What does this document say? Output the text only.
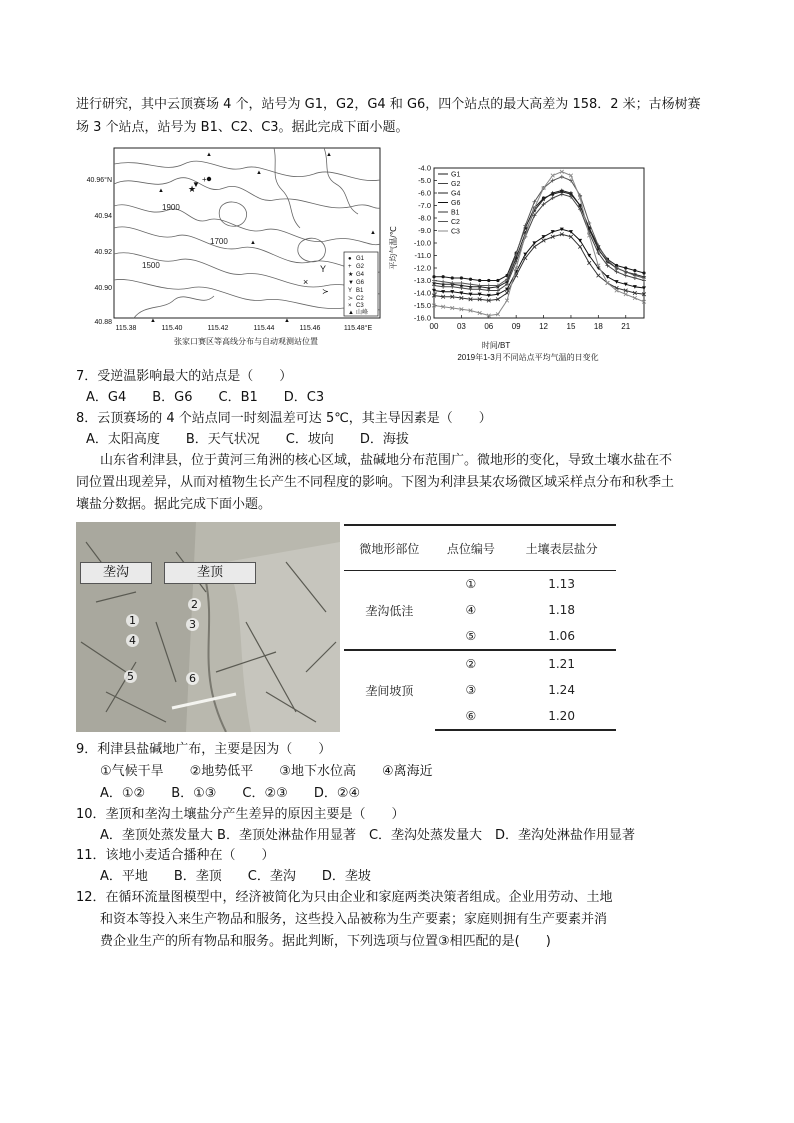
进行研究，其中云顶赛场 4 个，站号为 G1，G2，G4 和 G6，四个站点的最大高差为 158．2 米；古杨树赛
场 3 个站点，站号为 B1、C2、C3。据此完成下面小题。
1900
1700
1500
+
★
▼
Y
≻
×
▲	▲
▲
▲
▲
▲
▲	▲
● G1
+ G2
★ G4
▼ G6
Y B1
≻ C2
× C3
▲ 山峰
40.96°N
40.94
40.92
40.90
40.88
115.38	115.40	115.42	115.44	115.46	115.48°E
张家口赛区等高线分布与自动观测站位置
-4.0
-5.0
-6.0
-7.0
-8.0
-9.0
-10.0
-11.0
-12.0
-13.0
-14.0
-15.0
-16.0
00 03 06 09 12 15 18 21
G1
G2
G4
G6
B1
C2
C3
时间/BT
2019年1-3月不同站点平均气温的日变化
平均气温/℃
7．受逆温影响最大的站点是（　　）
A．G4　　B．G6　　C．B1　　D．C3
8．云顶赛场的 4 个站点同一时刻温差可达 5℃，其主导因素是（　　）
A．太阳高度　　B．天气状况　　C．坡向　　D．海拔
山东省利津县，位于黄河三角洲的核心区域，盐碱地分布范围广。微地形的变化，导致土壤水盐在不
同位置出现差异，从而对植物生长产生不同程度的影响。下图为利津县某农场微区域采样点分布和秋季土
壤盐分数据。据此完成下面小题。
垄沟	垄顶
1
2
3
4
5	6
微地形部位	点位编号	土壤表层盐分
垄沟低洼	①	1.13
	④	1.18
	⑤	1.06
垄间坡顶	②	1.21
	③	1.24
	⑥	1.20
9．利津县盐碱地广布，主要是因为（　　）
①气候干旱　　②地势低平　　③地下水位高　　④离海近
A．①②　　B．①③　　C．②③　　D．②④
10．垄顶和垄沟土壤盐分产生差异的原因主要是（　　）
A．垄顶处蒸发量大 B．垄顶处淋盐作用显著　C．垄沟处蒸发量大　D．垄沟处淋盐作用显著
11．该地小麦适合播种在（　　）
A．平地　　B．垄顶　　C．垄沟　　D．垄坡
12．在循环流量图模型中，经济被简化为只由企业和家庭两类决策者组成。企业用劳动、土地
和资本等投入来生产物品和服务，这些投入品被称为生产要素；家庭则拥有生产要素并消
费企业生产的所有物品和服务。据此判断，下列选项与位置③相匹配的是(　　)
